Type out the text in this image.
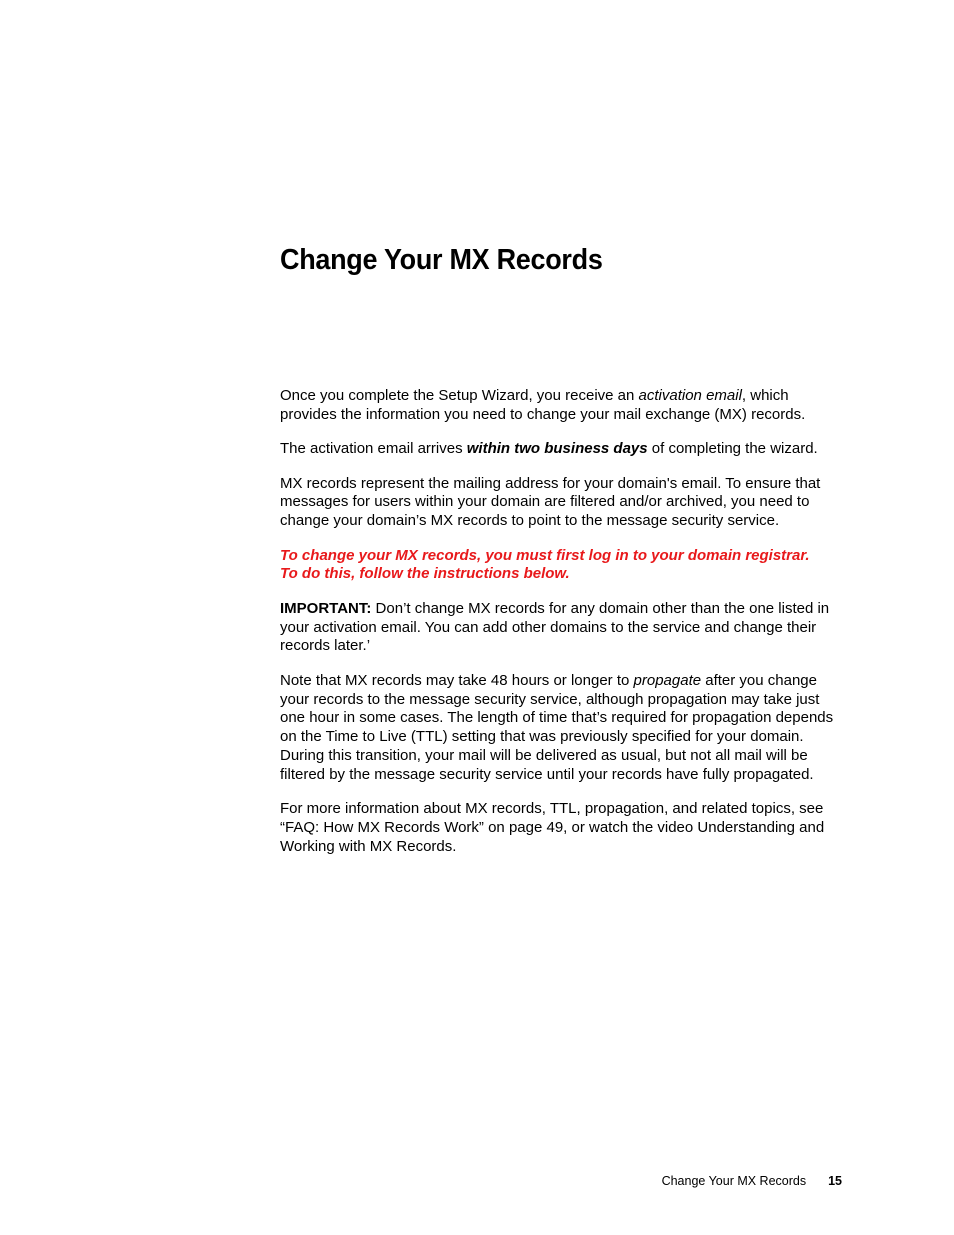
Change Your MX Records

Once you complete the Setup Wizard, you receive an activation email, which provides the information you need to change your mail exchange (MX) records.

The activation email arrives within two business days of completing the wizard.

MX records represent the mailing address for your domain's email. To ensure that messages for users within your domain are filtered and/or archived, you need to change your domain’s MX records to point to the message security service.

To change your MX records, you must first log in to your domain registrar.
To do this, follow the instructions below.

IMPORTANT: Don’t change MX records for any domain other than the one listed in your activation email. You can add other domains to the service and change their records later.’

Note that MX records may take 48 hours or longer to propagate after you change your records to the message security service, although propagation may take just one hour in some cases. The length of time that’s required for propagation depends on the Time to Live (TTL) setting that was previously specified for your domain. During this transition, your mail will be delivered as usual, but not all mail will be filtered by the message security service until your records have fully propagated.

For more information about MX records, TTL, propagation, and related topics, see “FAQ: How MX Records Work” on page 49, or watch the video Understanding and Working with MX Records.

Change Your MX Records 15
